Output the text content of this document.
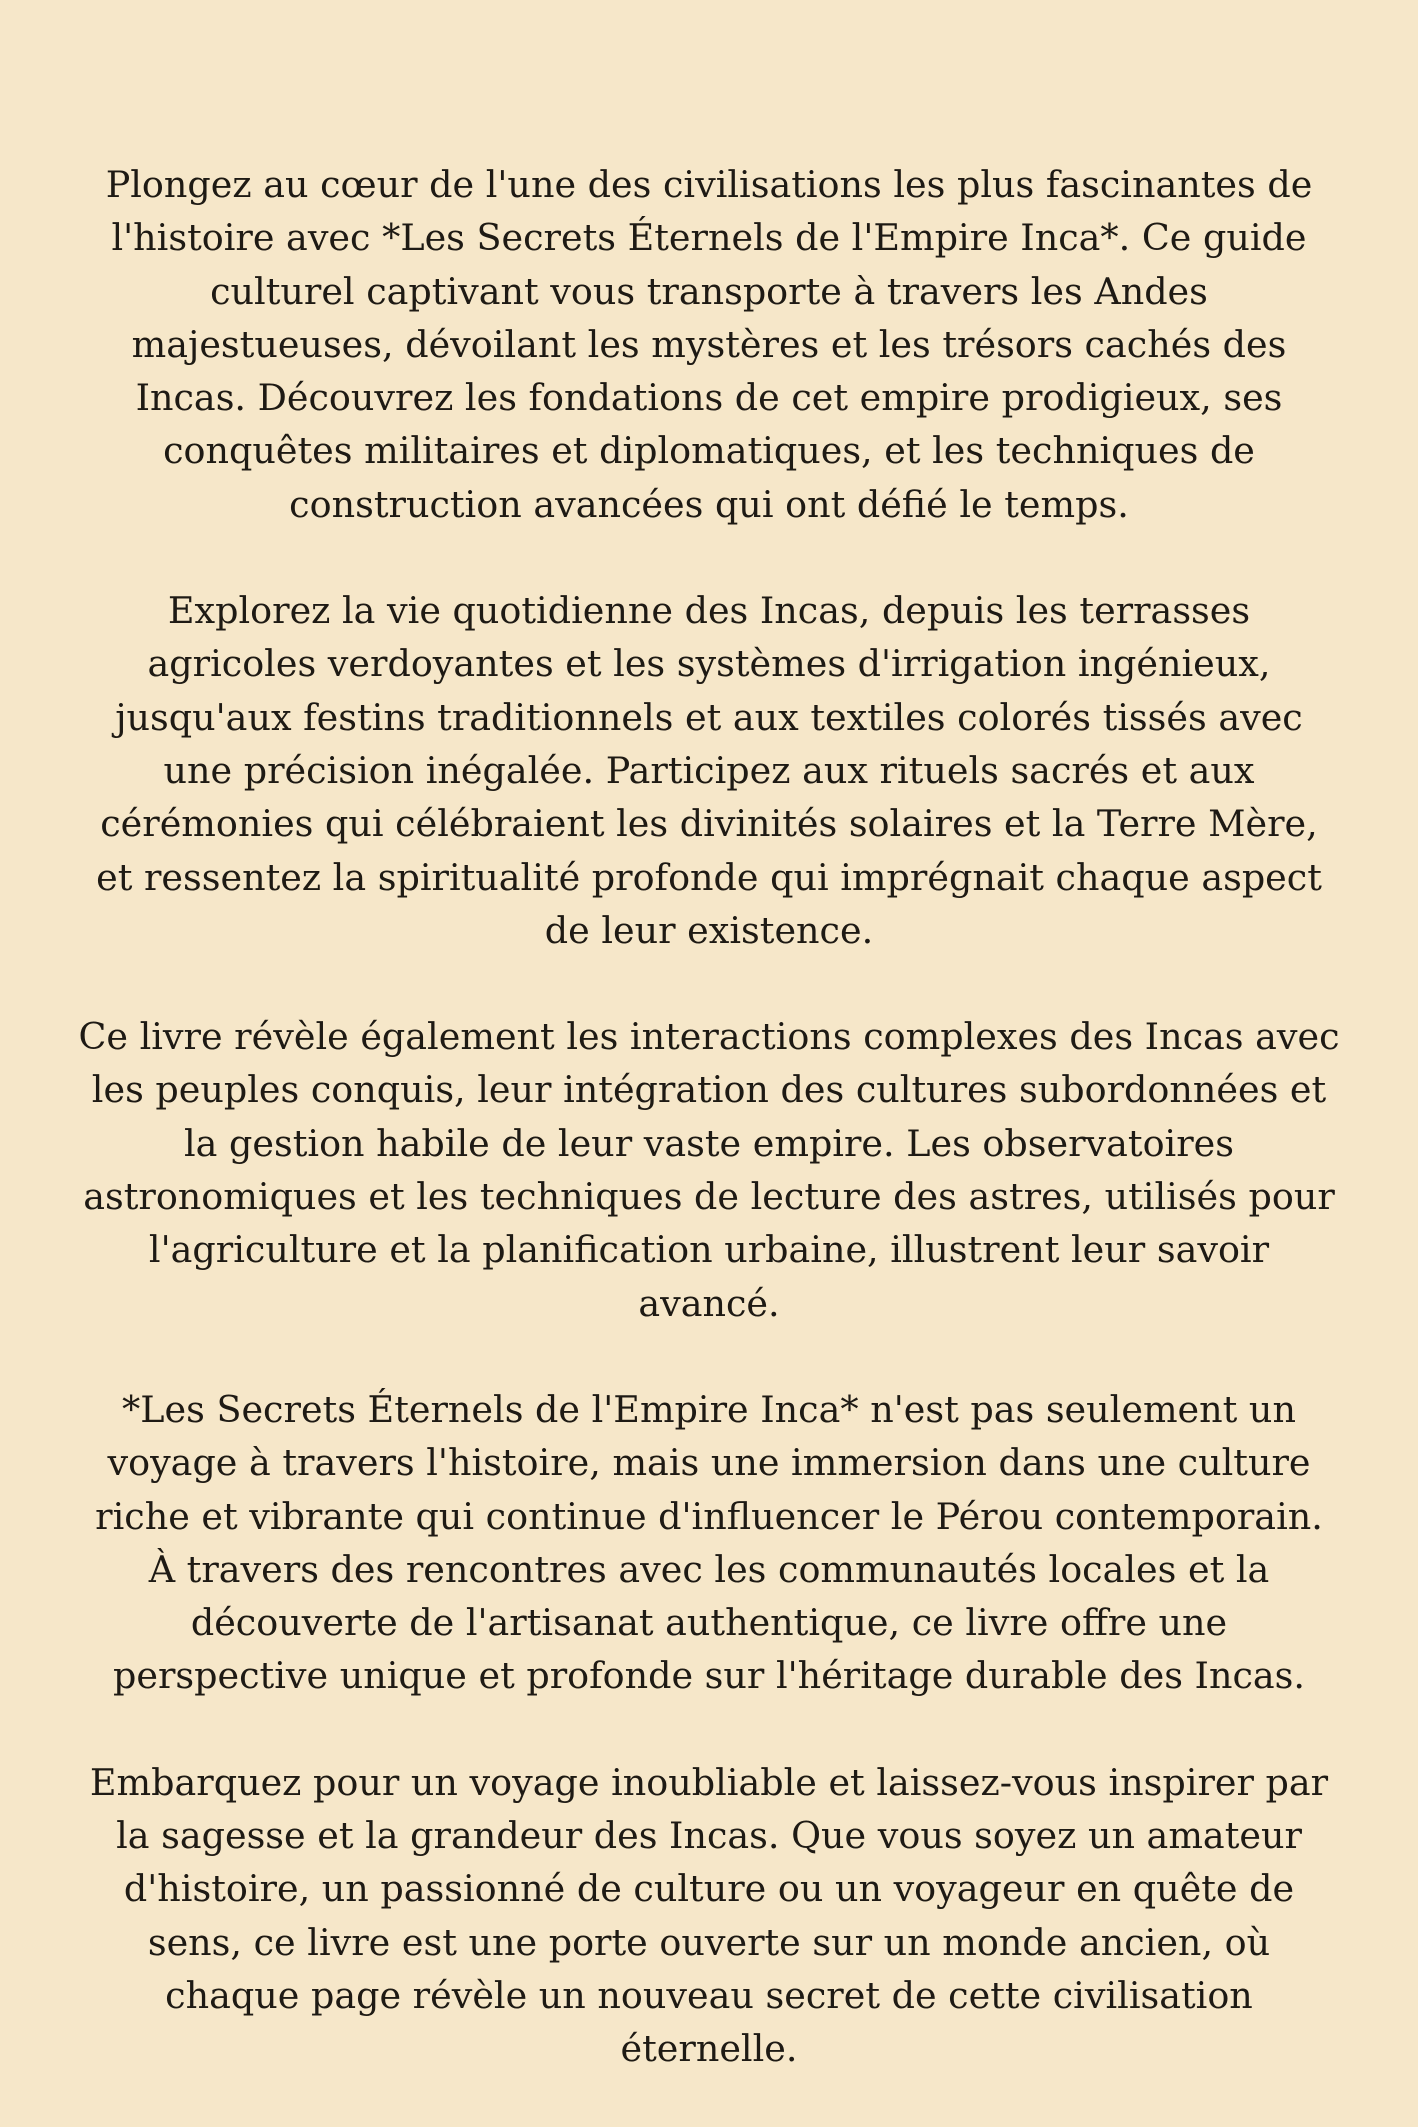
Plongez au cœur de l'une des civilisations les plus fascinantes de l'histoire avec *Les Secrets Éternels de l'Empire Inca*. Ce guide culturel captivant vous transporte à travers les Andes majestueuses, dévoilant les mystères et les trésors cachés des Incas. Découvrez les fondations de cet empire prodigieux, ses conquêtes militaires et diplomatiques, et les techniques de construction avancées qui ont défié le temps.

Explorez la vie quotidienne des Incas, depuis les terrasses agricoles verdoyantes et les systèmes d'irrigation ingénieux, jusqu'aux festins traditionnels et aux textiles colorés tissés avec une précision inégalée. Participez aux rituels sacrés et aux cérémonies qui célébraient les divinités solaires et la Terre Mère, et ressentez la spiritualité profonde qui imprégnait chaque aspect de leur existence.

Ce livre révèle également les interactions complexes des Incas avec les peuples conquis, leur intégration des cultures subordonnées et la gestion habile de leur vaste empire. Les observatoires astronomiques et les techniques de lecture des astres, utilisés pour l'agriculture et la planification urbaine, illustrent leur savoir avancé.

*Les Secrets Éternels de l'Empire Inca* n'est pas seulement un voyage à travers l'histoire, mais une immersion dans une culture riche et vibrante qui continue d'influencer le Pérou contemporain. À travers des rencontres avec les communautés locales et la découverte de l'artisanat authentique, ce livre offre une perspective unique et profonde sur l'héritage durable des Incas.

Embarquez pour un voyage inoubliable et laissez-vous inspirer par la sagesse et la grandeur des Incas. Que vous soyez un amateur d'histoire, un passionné de culture ou un voyageur en quête de sens, ce livre est une porte ouverte sur un monde ancien, où chaque page révèle un nouveau secret de cette civilisation éternelle.
